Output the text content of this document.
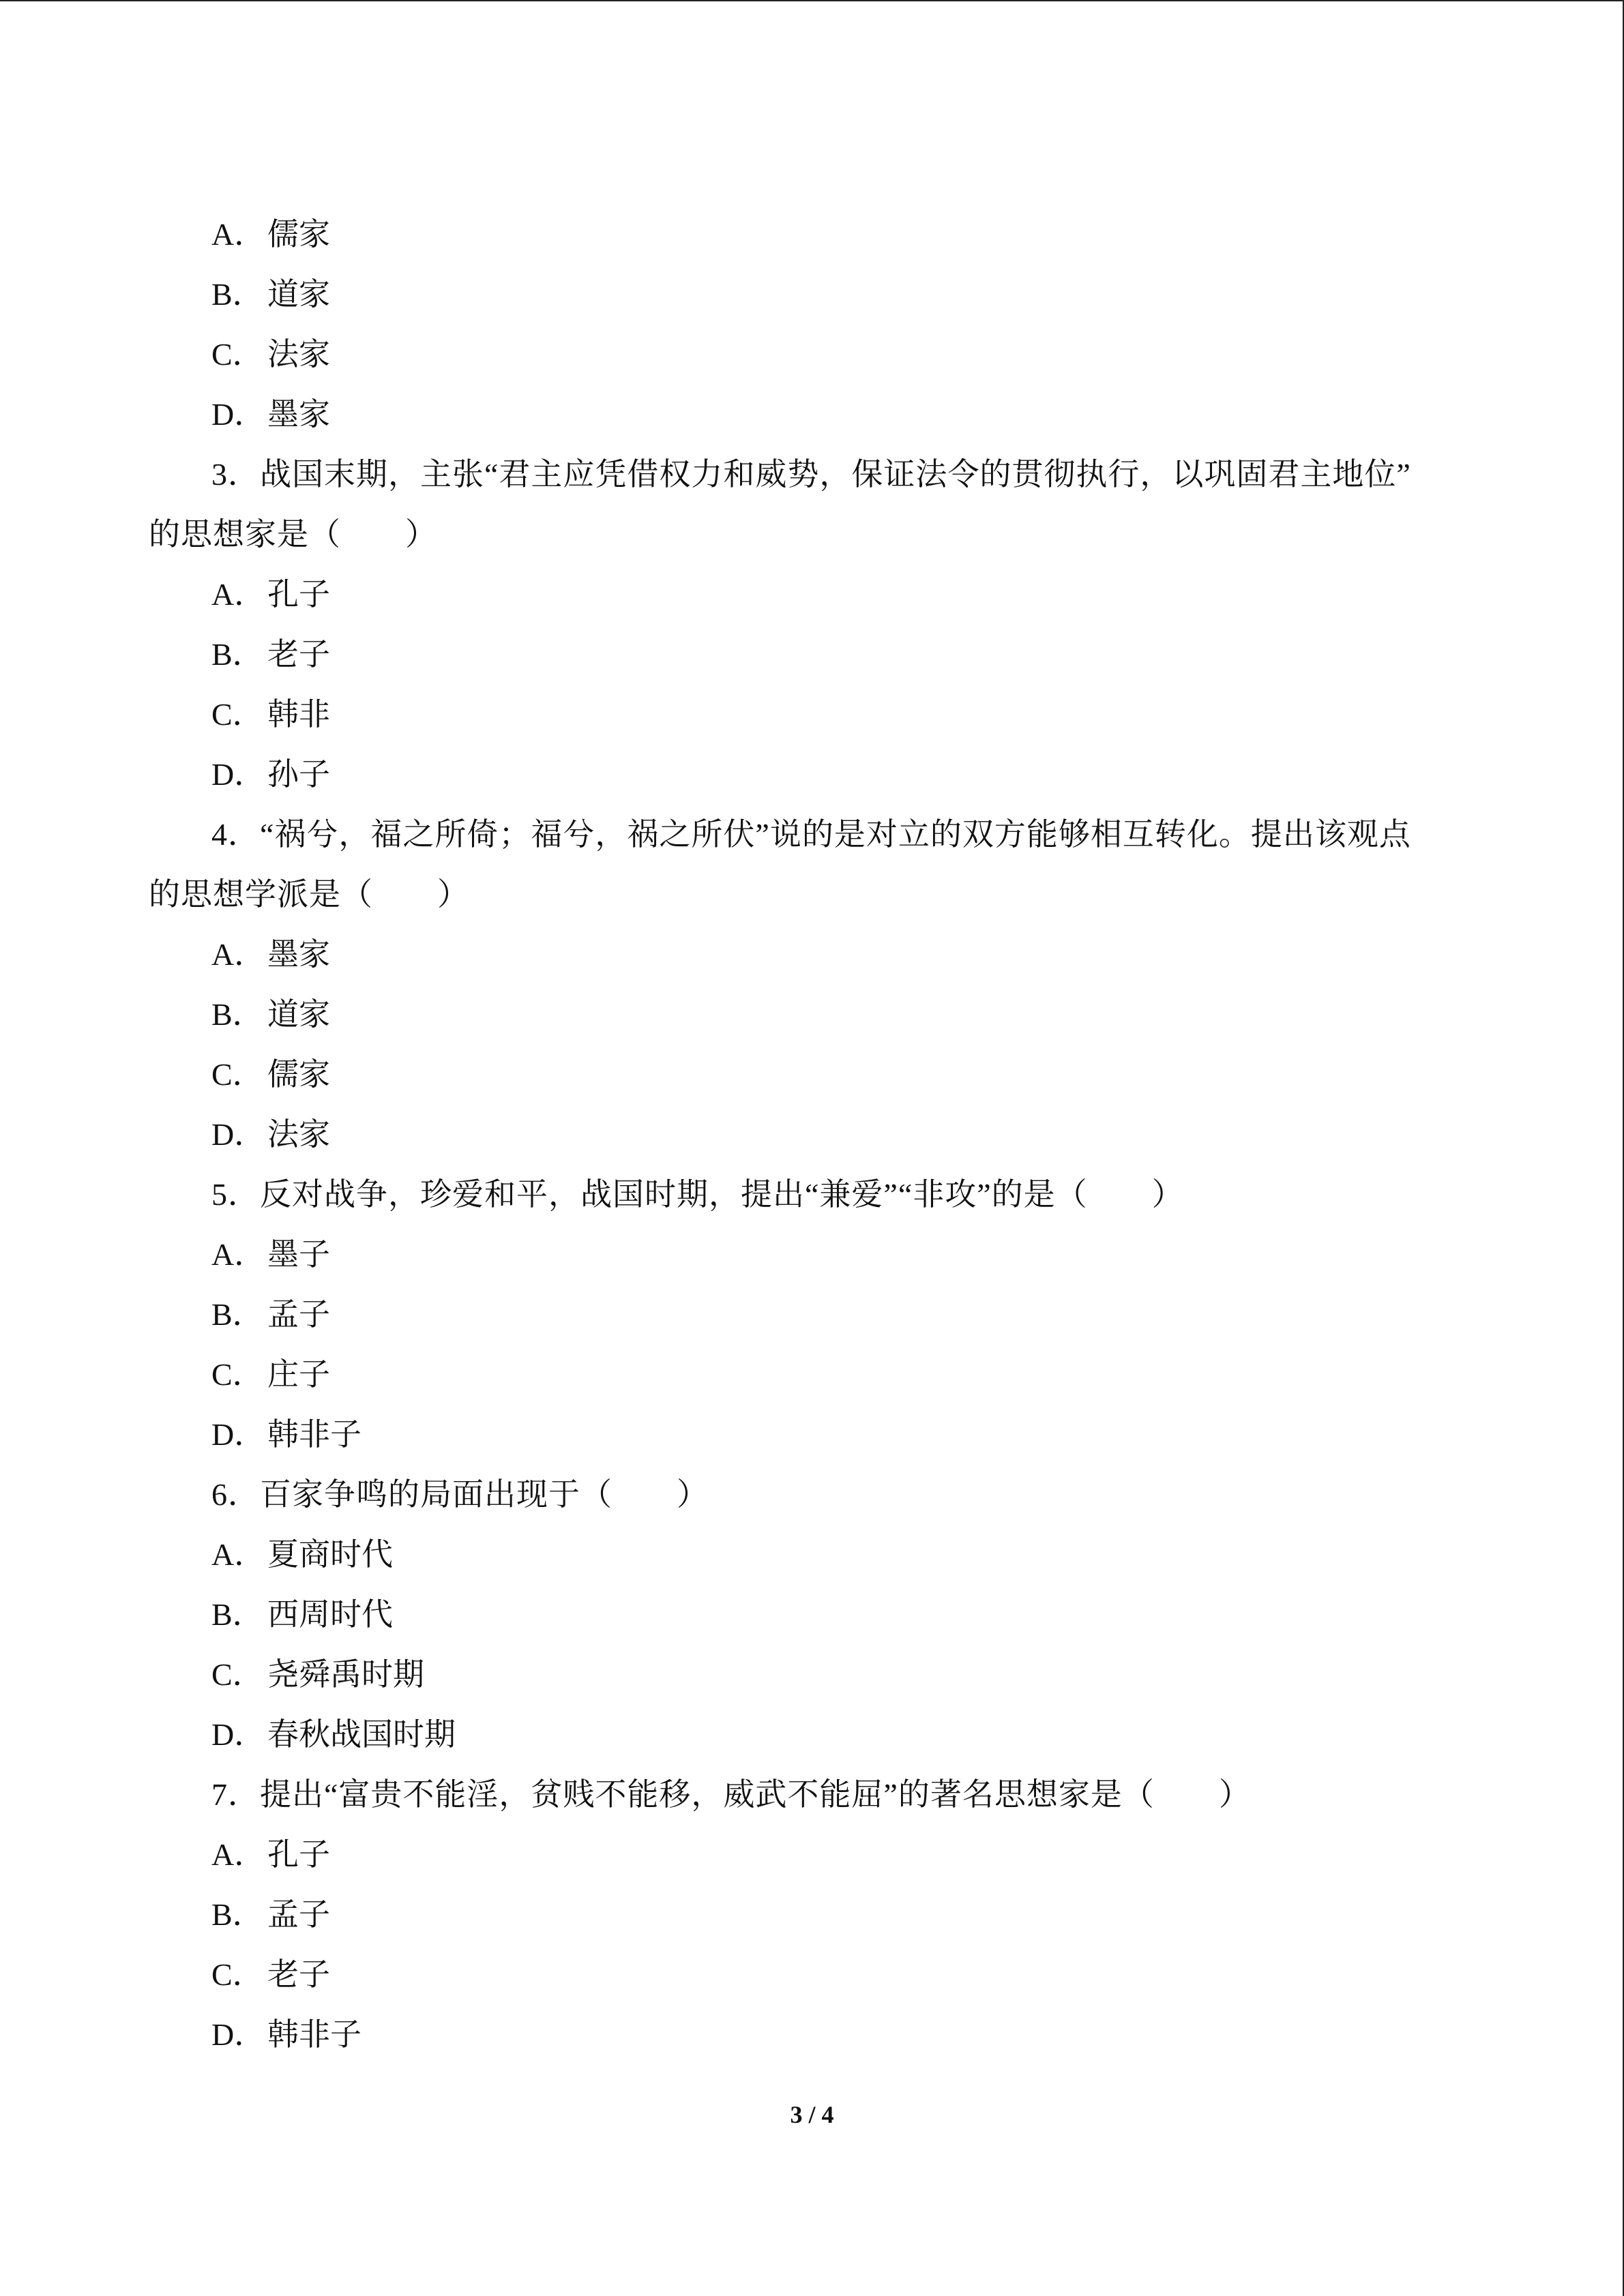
A．儒家
B． 道家
C． 法家
D．墨家
3．战国末期，主张“君主应凭借权力和威势，保证法令的贯彻执行，以巩固君主地位”
的思想家是（　　）
A．孔子
B． 老子
C． 韩非
D．孙子
4．“祸兮，福之所倚；福兮，祸之所伏”说的是对立的双方能够相互转化。提出该观点
的思想学派是（　　）
A．墨家
B． 道家
C． 儒家
D．法家
5．反对战争，珍爱和平，战国时期，提出“兼爱”“非攻”的是（　　）
A．墨子
B． 孟子
C． 庄子
D．韩非子
6．百家争鸣的局面出现于（　　）
A．夏商时代
B． 西周时代
C． 尧舜禹时期
D．春秋战国时期
7．提出“富贵不能淫，贫贱不能移，威武不能屈”的著名思想家是（　　）
A．孔子
B． 孟子
C． 老子
D．韩非子
3 / 4
